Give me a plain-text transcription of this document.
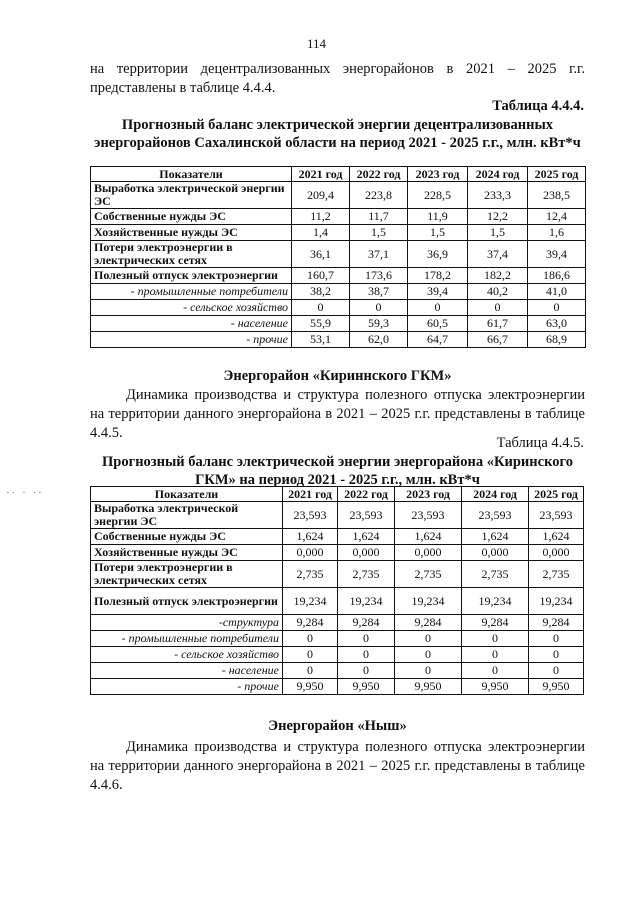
114
на территории децентрализованных энергорайонов в 2021 – 2025 г.г. представлены в таблице 4.4.4.
Таблица 4.4.4.
Прогнозный баланс электрической энергии децентрализованных энергорайонов Сахалинской области на период 2021 - 2025 г.г., млн. кВт*ч
Показатели	2021 год	2022 год	2023 год	2024 год	2025 год
Выработка электрической энергии ЭС	209,4	223,8	228,5	233,3	238,5
Собственные нужды ЭС	11,2	11,7	11,9	12,2	12,4
Хозяйственные нужды ЭС	1,4	1,5	1,5	1,5	1,6
Потери электроэнергии в электрических сетях	36,1	37,1	36,9	37,4	39,4
Полезный отпуск электроэнергии	160,7	173,6	178,2	182,2	186,6
- промышленные потребители	38,2	38,7	39,4	40,2	41,0
- сельское хозяйство	0	0	0	0	0
- население	55,9	59,3	60,5	61,7	63,0
- прочие	53,1	62,0	64,7	66,7	68,9
Энергорайон «Кириннского ГКМ»
Динамика производства и структура полезного отпуска электроэнергии на территории данного энергорайона в 2021 – 2025 г.г. представлены в таблице 4.4.5.
Таблица 4.4.5.
Прогнозный баланс электрической энергии энергорайона «Киринского ГКМ» на период 2021 - 2025 г.г., млн. кВт*ч
Показатели	2021 год	2022 год	2023 год	2024 год	2025 год
Выработка электрической энергии ЭС	23,593	23,593	23,593	23,593	23,593
Собственные нужды ЭС	1,624	1,624	1,624	1,624	1,624
Хозяйственные нужды ЭС	0,000	0,000	0,000	0,000	0,000
Потери электроэнергии в электрических сетях	2,735	2,735	2,735	2,735	2,735
Полезный отпуск электроэнергии	19,234	19,234	19,234	19,234	19,234
-структура	9,284	9,284	9,284	9,284	9,284
- промышленные потребители	0	0	0	0	0
- сельское хозяйство	0	0	0	0	0
- население	0	0	0	0	0
- прочие	9,950	9,950	9,950	9,950	9,950
Энергорайон «Ныш»
Динамика производства и структура полезного отпуска электроэнергии на территории данного энергорайона в 2021 – 2025 г.г. представлены в таблице 4.4.6.
·· · ··
